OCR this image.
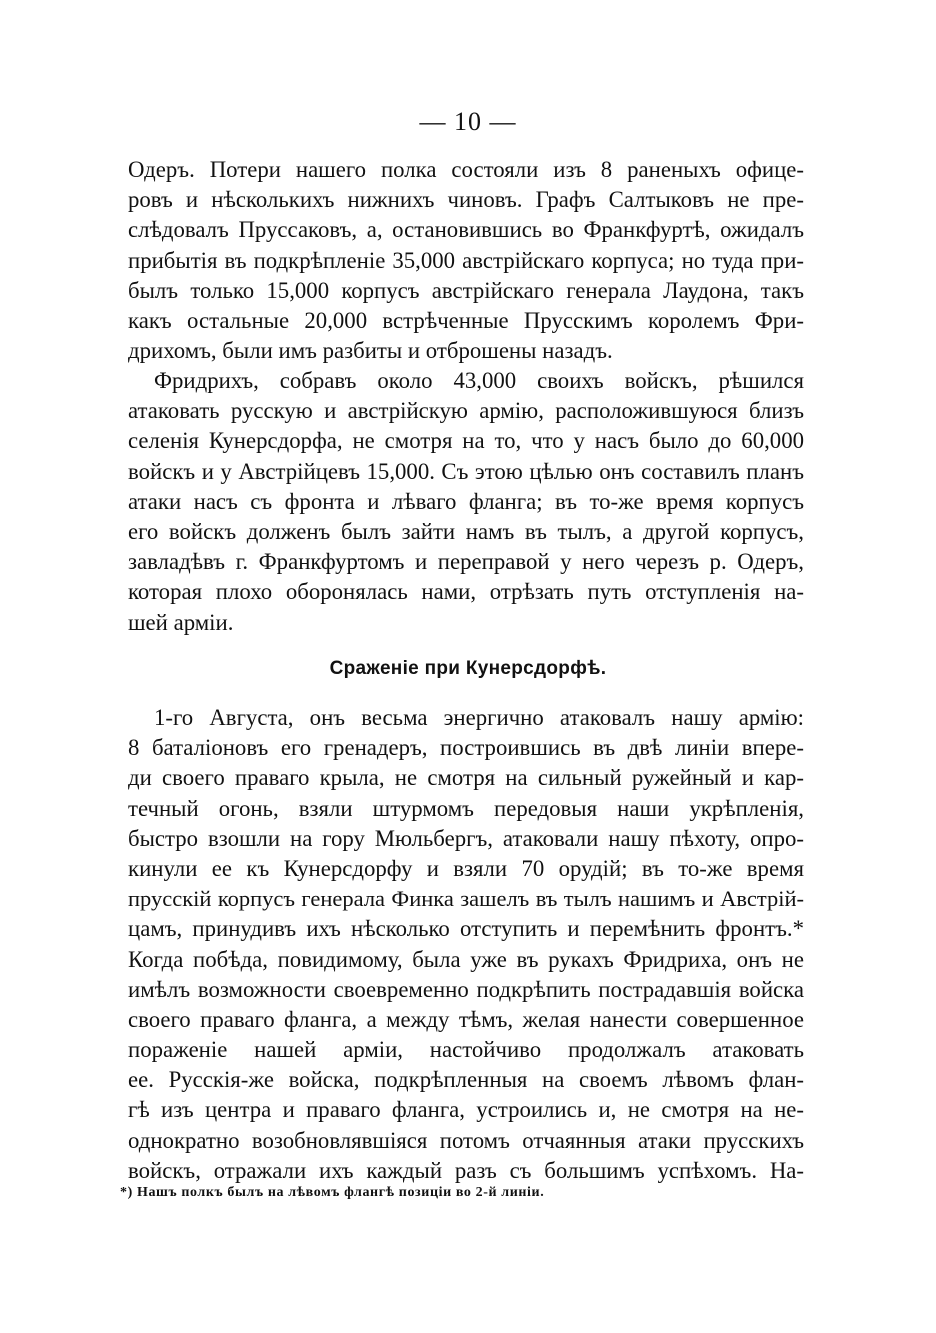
— 10 —
Одеръ. Потери нашего полка состояли изъ 8 раненыхъ офице-
ровъ и нѣсколькихъ нижнихъ чиновъ. Графъ Салтыковъ не пре-
слѣдовалъ Пруссаковъ, а, остановившись во Франкфуртѣ, ожидалъ
прибытія въ подкрѣпленіе 35,000 австрійскаго корпуса; но туда при-
былъ только 15,000 корпусъ австрійскаго генерала Лаудона, такъ
какъ остальные 20,000 встрѣченные Прусскимъ королемъ Фри-
дрихомъ, были имъ разбиты и отброшены назадъ.
Фридрихъ, собравъ около 43,000 своихъ войскъ, рѣшился
атаковать русскую и австрійскую армію, расположившуюся близъ
селенія Кунерсдорфа, не смотря на то, что у насъ было до 60,000
войскъ и у Австрійцевъ 15,000. Съ этою цѣлью онъ составилъ планъ
атаки насъ съ фронта и лѣваго фланга; въ то-же время корпусъ
его войскъ долженъ былъ зайти намъ въ тылъ, а другой корпусъ,
завладѣвъ г. Франкфуртомъ и переправой у него черезъ р. Одеръ,
которая плохо оборонялась нами, отрѣзать путь отступленія на-
шей арміи.
Сраженіе при Кунерсдорфѣ.
1-го Августа, онъ весьма энергично атаковалъ нашу армію:
8 баталіоновъ его гренадеръ, построившись въ двѣ линіи впере-
ди своего праваго крыла, не смотря на сильный ружейный и кар-
течный огонь, взяли штурмомъ передовыя наши укрѣпленія,
быстро взошли на гору Мюльбергъ, атаковали нашу пѣхоту, опро-
кинули ее къ Кунерсдорфу и взяли 70 орудій; въ то-же время
прусскій корпусъ генерала Финка зашелъ въ тылъ нашимъ и Австрій-
цамъ, принудивъ ихъ нѣсколько отступить и перемѣнить фронтъ.*
Когда побѣда, повидимому, была уже въ рукахъ Фридриха, онъ не
имѣлъ возможности своевременно подкрѣпить пострадавшія войска
своего праваго фланга, а между тѣмъ, желая нанести совершенное
пораженіе нашей арміи, настойчиво продолжалъ атаковать
ее. Русскія-же войска, подкрѣпленныя на своемъ лѣвомъ флан-
гѣ изъ центра и праваго фланга, устроились и, не смотря на не-
однократно возобновлявшіяся потомъ отчаянныя атаки прусскихъ
войскъ, отражали ихъ каждый разъ съ большимъ успѣхомъ. На-
*) Нашъ полкъ былъ на лѣвомъ флангѣ позиціи во 2-й линіи.
